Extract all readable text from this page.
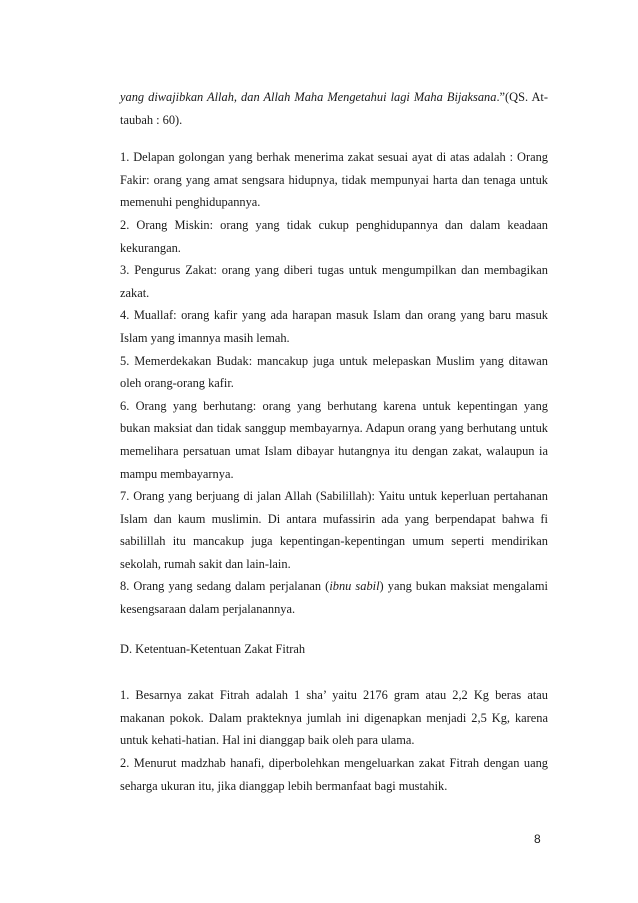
yang diwajibkan Allah, dan Allah Maha Mengetahui lagi Maha Bijaksana.”(QS. At-taubah : 60).

1. Delapan golongan yang berhak menerima zakat sesuai ayat di atas adalah : Orang Fakir: orang yang amat sengsara hidupnya, tidak mempunyai harta dan tenaga untuk memenuhi penghidupannya.

2. Orang Miskin: orang yang tidak cukup penghidupannya dan dalam keadaan kekurangan.

3. Pengurus Zakat: orang yang diberi tugas untuk mengumpilkan dan membagikan zakat.

4. Muallaf: orang kafir yang ada harapan masuk Islam dan orang yang baru masuk Islam yang imannya masih lemah.

5. Memerdekakan Budak: mancakup juga untuk melepaskan Muslim yang ditawan oleh orang-orang kafir.

6. Orang yang berhutang: orang yang berhutang karena untuk kepentingan yang bukan maksiat dan tidak sanggup membayarnya. Adapun orang yang berhutang untuk memelihara persatuan umat Islam dibayar hutangnya itu dengan zakat, walaupun ia mampu membayarnya.

7. Orang yang berjuang di jalan Allah (Sabilillah): Yaitu untuk keperluan pertahanan Islam dan kaum muslimin. Di antara mufassirin ada yang berpendapat bahwa fi sabilillah itu mancakup juga kepentingan-kepentingan umum seperti mendirikan sekolah, rumah sakit dan lain-lain.

8. Orang yang sedang dalam perjalanan (ibnu sabil) yang bukan maksiat mengalami kesengsaraan dalam perjalanannya.

D. Ketentuan-Ketentuan Zakat Fitrah

1. Besarnya zakat Fitrah adalah 1 sha’ yaitu 2176 gram atau 2,2 Kg beras atau makanan pokok. Dalam prakteknya jumlah ini digenapkan menjadi 2,5 Kg, karena untuk kehati-hatian. Hal ini dianggap baik oleh para ulama.

2. Menurut madzhab hanafi, diperbolehkan mengeluarkan zakat Fitrah dengan uang seharga ukuran itu, jika dianggap lebih bermanfaat bagi mustahik.

8
